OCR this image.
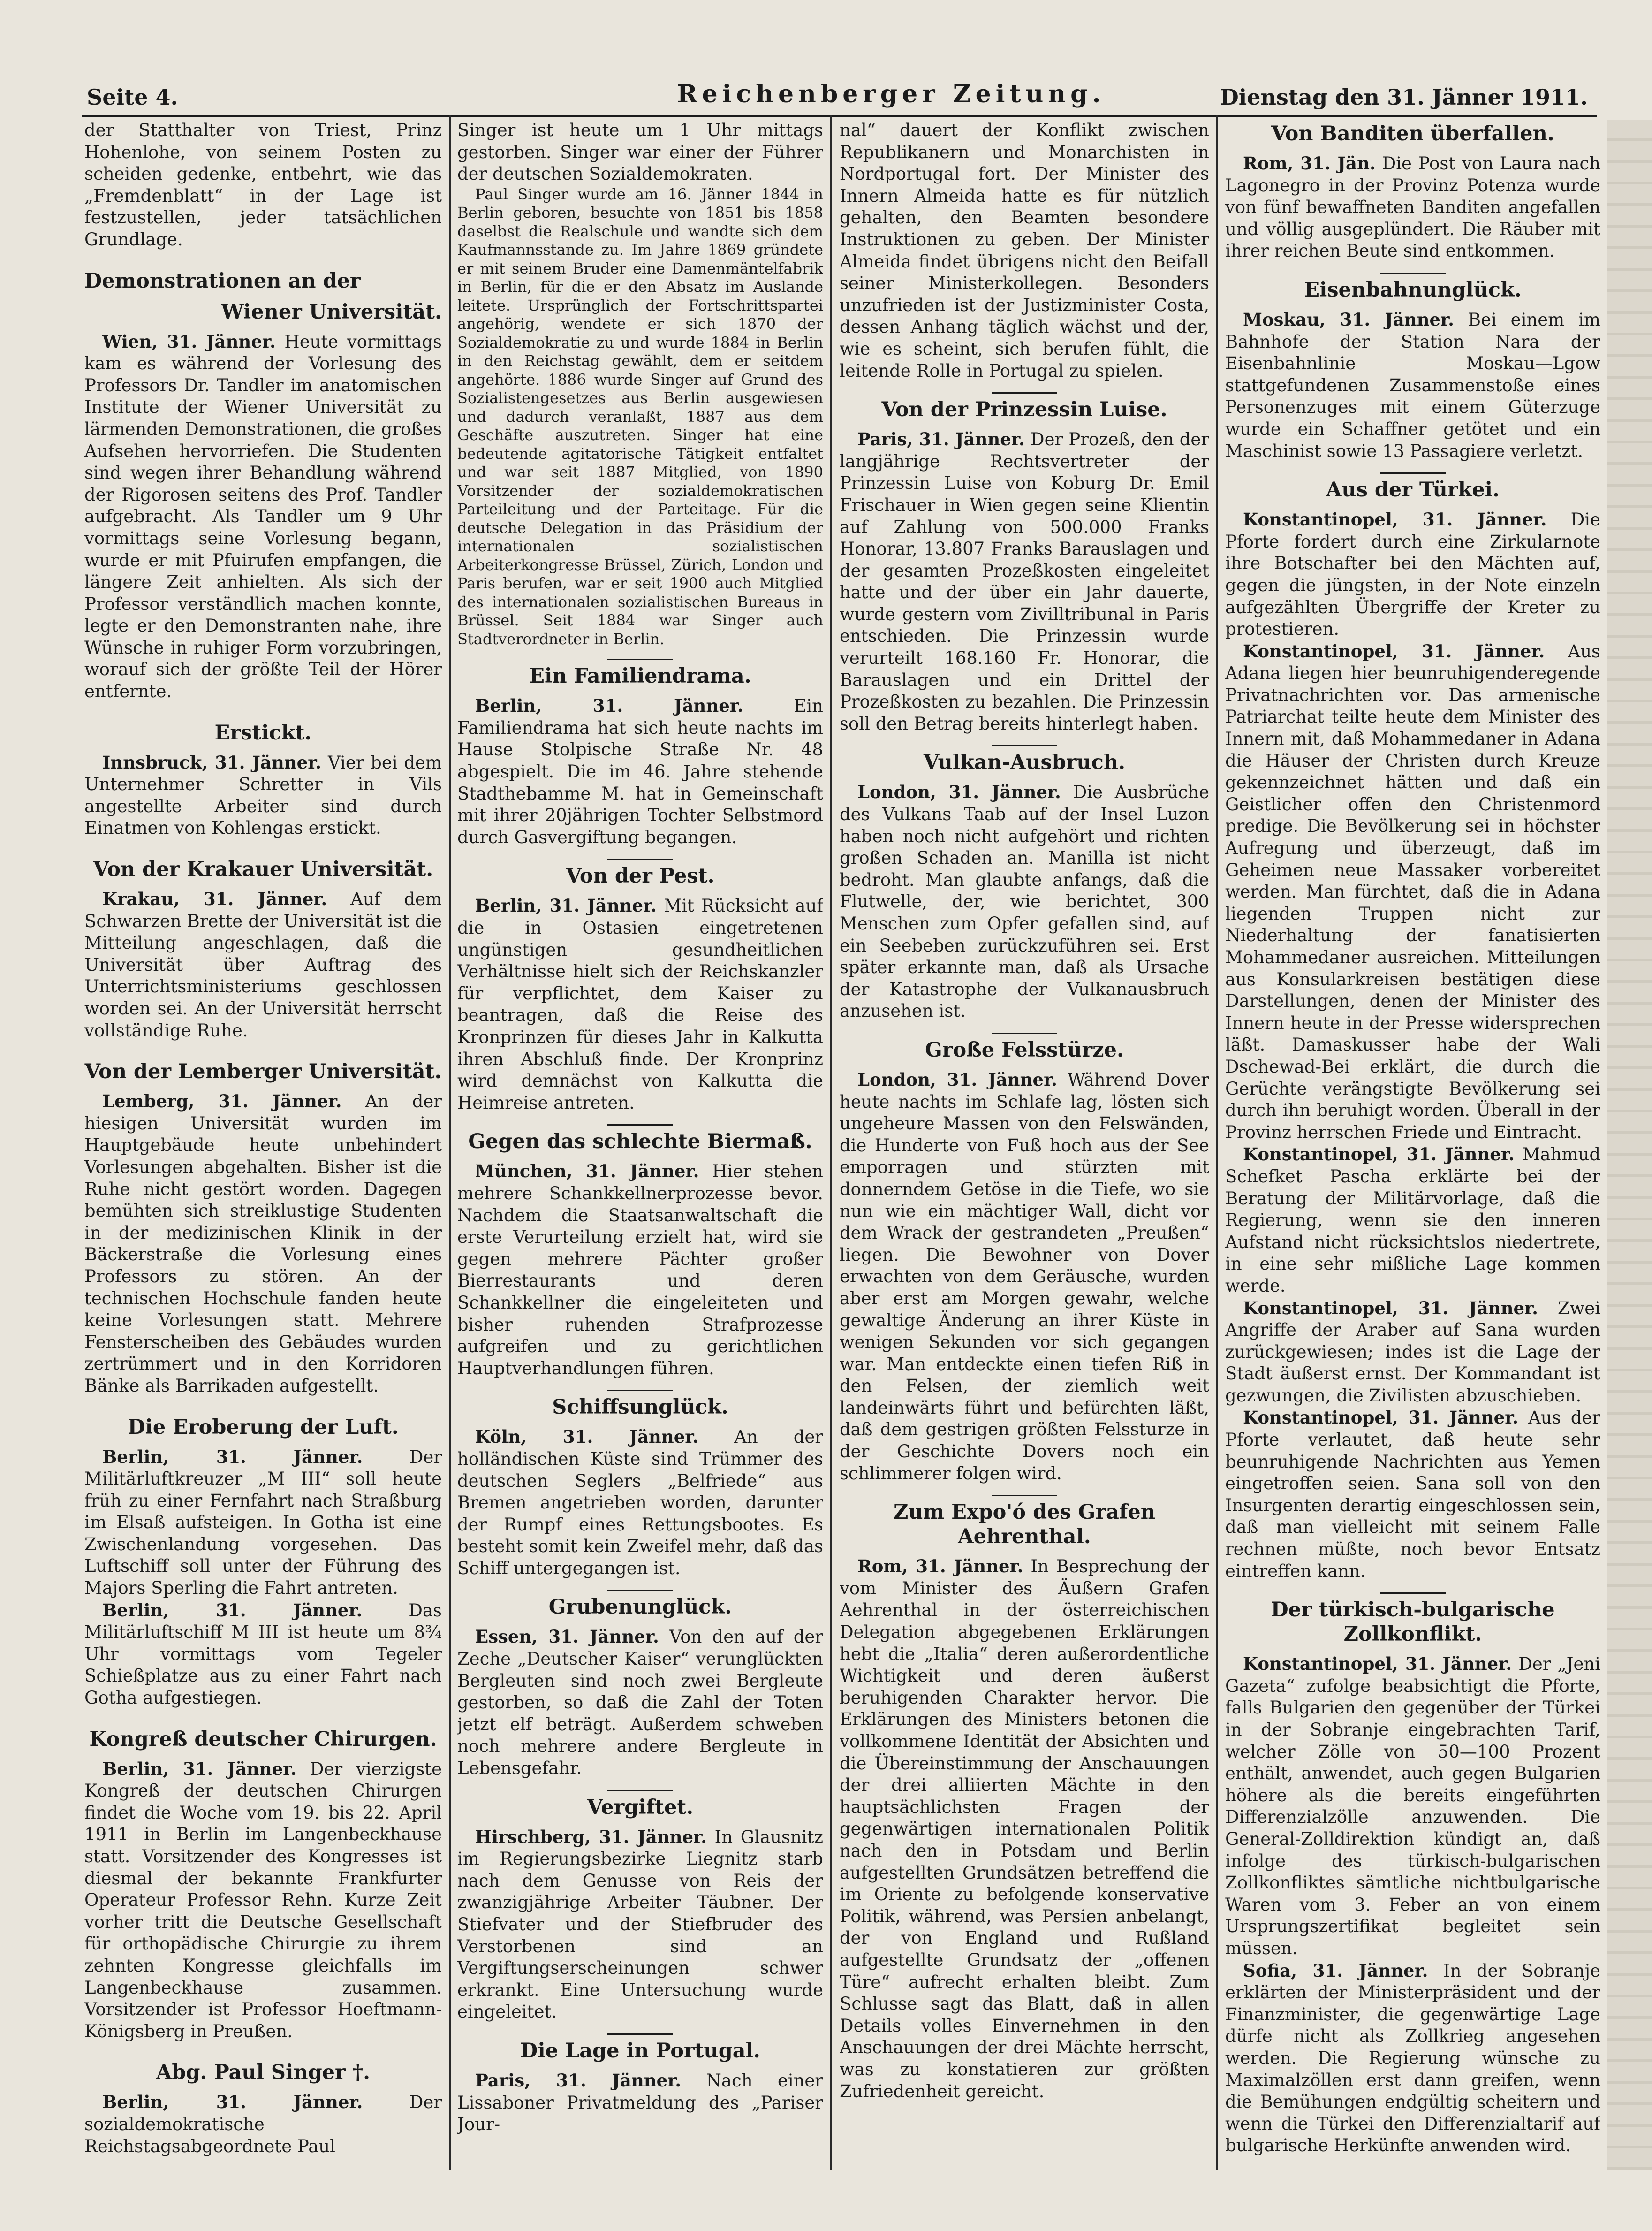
Seite 4.	Reichenberger Zeitung.	Dienstag den 31. Jänner 1911.

der Statthalter von Triest, Prinz Hohenlohe, von seinem Posten zu scheiden gedenke, entbehrt, wie das „Fremdenblatt“ in der Lage ist festzustellen, jeder tatsächlichen Grundlage.

Demonstrationen an der
Wiener Universität.

Wien, 31. Jänner. Heute vormittags kam es während der Vorlesung des Professors Dr. Tandler im anatomischen Institute der Wiener Universität zu lärmenden Demonstrationen, die großes Aufsehen hervorriefen. Die Studenten sind wegen ihrer Behandlung während der Rigorosen seitens des Prof. Tandler aufgebracht. Als Tandler um 9 Uhr vormittags seine Vorlesung begann, wurde er mit Pfuirufen empfangen, die längere Zeit anhielten. Als sich der Professor verständlich machen konnte, legte er den Demonstranten nahe, ihre Wünsche in ruhiger Form vorzubringen, worauf sich der größte Teil der Hörer entfernte.

Erstickt.

Innsbruck, 31. Jänner. Vier bei dem Unternehmer Schretter in Vils angestellte Arbeiter sind durch Einatmen von Kohlengas erstickt.

Von der Krakauer Universität.

Krakau, 31. Jänner. Auf dem Schwarzen Brette der Universität ist die Mitteilung angeschlagen, daß die Universität über Auftrag des Unterrichtsministeriums geschlossen worden sei. An der Universität herrscht vollständige Ruhe.

Von der Lemberger Universität.

Lemberg, 31. Jänner. An der hiesigen Universität wurden im Hauptgebäude heute unbehindert Vorlesungen abgehalten. Bisher ist die Ruhe nicht gestört worden. Dagegen bemühten sich streiklustige Studenten in der medizinischen Klinik in der Bäckerstraße die Vorlesung eines Professors zu stören. An der technischen Hochschule fanden heute keine Vorlesungen statt. Mehrere Fensterscheiben des Gebäudes wurden zertrümmert und in den Korridoren Bänke als Barrikaden aufgestellt.

Die Eroberung der Luft.

Berlin, 31. Jänner.	Der Militärluftkreuzer „M III“ soll heute früh zu einer Fernfahrt nach Straßburg im Elsaß aufsteigen. In Gotha ist eine Zwischenlandung vorgesehen. Das Luftschiff soll unter der Führung des Majors Sperling die Fahrt antreten.

Berlin, 31. Jänner.	Das Militärluftschiff M III ist heute um 8¾ Uhr vormittags vom Tegeler Schießplatze aus zu einer Fahrt nach Gotha aufgestiegen.

Kongreß deutscher Chirurgen.

Berlin, 31. Jänner. Der vierzigste Kongreß der deutschen Chirurgen findet die Woche vom 19. bis 22. April 1911 in Berlin im Langenbeckhause statt. Vorsitzender des Kongresses ist diesmal der bekannte Frankfurter Operateur Professor Rehn. Kurze Zeit vorher tritt die Deutsche Gesellschaft für orthopädische Chirurgie zu ihrem zehnten Kongresse gleichfalls im Langenbeckhause zusammen. Vorsitzender ist Professor Hoeftmann-Königsberg in Preußen.

Abg. Paul Singer †.

Berlin, 31. Jänner.	Der sozialdemokratische Reichstagsabgeordnete Paul

Singer ist heute um 1 Uhr mittags gestorben. Singer war einer der Führer der deutschen Sozialdemokraten.

Paul Singer wurde am 16. Jänner 1844 in Berlin geboren, besuchte von 1851 bis 1858 daselbst die Realschule und wandte sich dem Kaufmannsstande zu. Im Jahre 1869 gründete er mit seinem Bruder eine Damenmäntelfabrik in Berlin, für die er den Absatz im Auslande leitete. Ursprünglich der Fortschrittspartei angehörig, wendete er sich 1870 der Sozialdemokratie zu und wurde 1884 in Berlin in den Reichstag gewählt, dem er seitdem angehörte. 1886 wurde Singer auf Grund des Sozialistengesetzes aus Berlin ausgewiesen und dadurch veranlaßt, 1887 aus dem Geschäfte auszutreten. Singer hat eine bedeutende agitatorische Tätigkeit entfaltet und war seit 1887 Mitglied, von 1890 Vorsitzender der sozialdemokratischen Parteileitung und der Parteitage. Für die deutsche Delegation in das Präsidium der internationalen sozialistischen Arbeiterkongresse Brüssel, Zürich, London und Paris berufen, war er seit 1900 auch Mitglied des internationalen sozialistischen Bureaus in Brüssel. Seit 1884 war Singer auch Stadtverordneter in Berlin.

Ein Familiendrama.

Berlin, 31. Jänner.	Ein Familiendrama hat sich heute nachts im Hause Stolpische Straße Nr. 48 abgespielt. Die im 46. Jahre stehende Stadthebamme M. hat in Gemeinschaft mit ihrer 20jährigen Tochter Selbstmord durch Gasvergiftung begangen.

Von der Pest.

Berlin, 31. Jänner. Mit Rücksicht auf die in Ostasien eingetretenen ungünstigen gesundheitlichen Verhältnisse hielt sich der Reichskanzler für verpflichtet, dem Kaiser zu beantragen, daß die Reise des Kronprinzen für dieses Jahr in Kalkutta ihren Abschluß finde. Der Kronprinz wird demnächst von Kalkutta die Heimreise antreten.

Gegen das schlechte Biermaß.

München, 31. Jänner. Hier stehen mehrere Schankkellnerprozesse bevor. Nachdem die Staatsanwaltschaft die erste Verurteilung erzielt hat, wird sie gegen mehrere Pächter großer Bierrestaurants und deren Schankkellner die eingeleiteten und bisher ruhenden Strafprozesse aufgreifen und zu gerichtlichen Hauptverhandlungen führen.

Schiffsunglück.

Köln, 31. Jänner. An der holländischen Küste sind Trümmer des deutschen Seglers „Belfriede“ aus Bremen angetrieben worden, darunter der Rumpf eines Rettungsbootes. Es besteht somit kein Zweifel mehr, daß das Schiff untergegangen ist.

Grubenunglück.

Essen, 31. Jänner. Von den auf der Zeche „Deutscher Kaiser“ verunglückten Bergleuten sind noch zwei Bergleute gestorben, so daß die Zahl der Toten jetzt elf beträgt. Außerdem schweben noch mehrere andere Bergleute in Lebensgefahr.

Vergiftet.

Hirschberg, 31. Jänner. In Glausnitz im Regierungsbezirke Liegnitz starb nach dem Genusse von Reis der zwanzigjährige Arbeiter Täubner. Der Stiefvater und der Stiefbruder des Verstorbenen sind an Vergiftungserscheinungen schwer erkrankt. Eine Untersuchung wurde eingeleitet.

Die Lage in Portugal.

Paris, 31. Jänner. Nach einer Lissaboner Privatmeldung des „Pariser Jour-

nal“ dauert der Konflikt zwischen Republikanern und Monarchisten in Nordportugal fort. Der Minister des Innern Almeida hatte es für nützlich gehalten, den Beamten besondere Instruktionen zu geben. Der Minister Almeida findet übrigens nicht den Beifall seiner Ministerkollegen. Besonders unzufrieden ist der Justizminister Costa, dessen Anhang täglich wächst und der, wie es scheint, sich berufen fühlt, die leitende Rolle in Portugal zu spielen.

Von der Prinzessin Luise.

Paris, 31. Jänner. Der Prozeß, den der langjährige Rechtsvertreter der Prinzessin Luise von Koburg Dr. Emil Frischauer in Wien gegen seine Klientin auf Zahlung von 500.000 Franks Honorar, 13.807 Franks Barauslagen und der gesamten Prozeßkosten eingeleitet hatte und der über ein Jahr dauerte, wurde gestern vom Zivilltribunal in Paris entschieden. Die Prinzessin wurde verurteilt 168.160 Fr. Honorar, die Barauslagen und ein Drittel der Prozeßkosten zu bezahlen. Die Prinzessin soll den Betrag bereits hinterlegt haben.

Vulkan-Ausbruch.

London, 31. Jänner. Die Ausbrüche des Vulkans Taab auf der Insel Luzon haben noch nicht aufgehört und richten großen Schaden an. Manilla ist nicht bedroht. Man glaubte anfangs, daß die Flutwelle, der, wie berichtet, 300 Menschen zum Opfer gefallen sind, auf ein Seebeben zurückzuführen sei. Erst später erkannte man, daß als Ursache der Katastrophe der Vulkanausbruch anzusehen ist.

Große Felsstürze.

London, 31. Jänner. Während Dover heute nachts im Schlafe lag, lösten sich ungeheure Massen von den Felswänden, die Hunderte von Fuß hoch aus der See emporragen und stürzten mit donnerndem Getöse in die Tiefe, wo sie nun wie ein mächtiger Wall, dicht vor dem Wrack der gestrandeten „Preußen“ liegen. Die Bewohner von Dover erwachten von dem Geräusche, wurden aber erst am Morgen gewahr, welche gewaltige Änderung an ihrer Küste in wenigen Sekunden vor sich gegangen war. Man entdeckte einen tiefen Riß in den Felsen, der ziemlich weit landeinwärts führt und befürchten läßt, daß dem gestrigen größten Felssturze in der Geschichte Dovers noch ein schlimmerer folgen wird.

Zum Expo'ó des Grafen Aehrenthal.

Rom, 31. Jänner. In Besprechung der vom Minister des Äußern Grafen Aehrenthal in der österreichischen Delegation abgegebenen Erklärungen hebt die „Italia“ deren außerordentliche Wichtigkeit und deren äußerst beruhigenden Charakter hervor. Die Erklärungen des Ministers betonen die vollkommene Identität der Absichten und die Übereinstimmung der Anschauungen der drei alliierten Mächte in den hauptsächlichsten Fragen der gegenwärtigen internationalen Politik nach den in Potsdam und Berlin aufgestellten Grundsätzen betreffend die im Oriente zu befolgende konservative Politik, während, was Persien anbelangt, der von England und Rußland aufgestellte Grundsatz der „offenen Türe“ aufrecht erhalten bleibt. Zum Schlusse sagt das Blatt, daß in allen Details volles Einvernehmen in den Anschauungen der drei Mächte herrscht, was zu konstatieren zur größten Zufriedenheit gereicht.

Von Banditen überfallen.

Rom, 31. Jän. Die Post von Laura nach Lagonegro in der Provinz Potenza wurde von fünf bewaffneten Banditen angefallen und völlig ausgeplündert. Die Räuber mit ihrer reichen Beute sind entkommen.

Eisenbahnunglück.

Moskau, 31. Jänner. Bei einem im Bahnhofe der Station Nara der Eisenbahnlinie Moskau—Lgow stattgefundenen Zusammenstoße eines Personenzuges mit einem Güterzuge wurde ein Schaffner getötet und ein Maschinist sowie 13 Passagiere verletzt.

Aus der Türkei.

Konstantinopel, 31. Jänner. Die Pforte fordert durch eine Zirkularnote ihre Botschafter bei den Mächten auf, gegen die jüngsten, in der Note einzeln aufgezählten Übergriffe der Kreter zu protestieren.

Konstantinopel, 31. Jänner. Aus Adana liegen hier beunruhigenderegende Privatnachrichten vor. Das armenische Patriarchat teilte heute dem Minister des Innern mit, daß Mohammedaner in Adana die Häuser der Christen durch Kreuze gekennzeichnet hätten und daß ein Geistlicher offen den Christenmord predige. Die Bevölkerung sei in höchster Aufregung und überzeugt, daß im Geheimen neue Massaker vorbereitet werden. Man fürchtet, daß die in Adana liegenden Truppen nicht zur Niederhaltung der fanatisierten Mohammedaner ausreichen. Mitteilungen aus Konsularkreisen bestätigen diese Darstellungen, denen der Minister des Innern heute in der Presse widersprechen läßt. Damaskusser habe der Wali Dschewad-Bei erklärt, die durch die Gerüchte verängstigte Bevölkerung sei durch ihn beruhigt worden. Überall in der Provinz herrschen Friede und Eintracht.

Konstantinopel, 31. Jänner. Mahmud Schefket Pascha erklärte bei der Beratung der Militärvorlage, daß die Regierung, wenn sie den inneren Aufstand nicht rücksichtslos niedertrete, in eine sehr mißliche Lage kommen werde.

Konstantinopel, 31. Jänner. Zwei Angriffe der Araber auf Sana wurden zurückgewiesen; indes ist die Lage der Stadt äußerst ernst. Der Kommandant ist gezwungen, die Zivilisten abzuschieben.

Konstantinopel, 31. Jänner. Aus der Pforte verlautet, daß heute sehr beunruhigende Nachrichten aus Yemen eingetroffen seien. Sana soll von den Insurgenten derartig eingeschlossen sein, daß man vielleicht mit seinem Falle rechnen müßte, noch bevor Entsatz eintreffen kann.

Der türkisch-bulgarische Zollkonflikt.

Konstantinopel, 31. Jänner. Der „Jeni Gazeta“ zufolge beabsichtigt die Pforte, falls Bulgarien den gegenüber der Türkei in der Sobranje eingebrachten Tarif, welcher Zölle von 50—100 Prozent enthält, anwendet, auch gegen Bulgarien höhere als die bereits eingeführten Differenzialzölle anzuwenden. Die General-Zolldirektion kündigt an, daß infolge des türkisch-bulgarischen Zollkonfliktes sämtliche nichtbulgarische Waren vom 3. Feber an von einem Ursprungszertifikat begleitet sein müssen.

Sofia, 31. Jänner. In der Sobranje erklärten der Ministerpräsident und der Finanzminister, die gegenwärtige Lage dürfe nicht als Zollkrieg angesehen werden. Die Regierung wünsche zu Maximalzöllen erst dann greifen, wenn die Bemühungen endgültig scheitern und wenn die Türkei den Differenzialtarif auf bulgarische Herkünfte anwenden wird.
